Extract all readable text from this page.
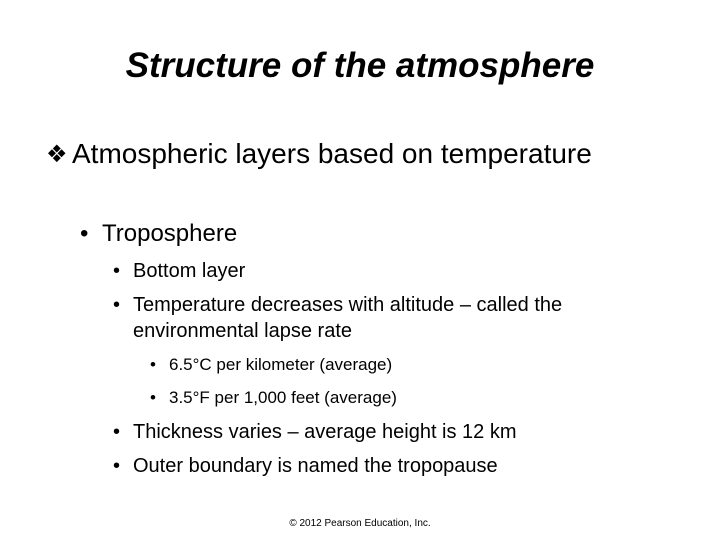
Structure of the atmosphere
❖ Atmospheric layers based on temperature
• Troposphere
• Bottom layer
• Temperature decreases with altitude – called the environmental lapse rate
• 6.5°C per kilometer (average)
• 3.5°F per 1,000 feet (average)
• Thickness varies – average height is 12 km
• Outer boundary is named the tropopause
© 2012 Pearson Education, Inc.
